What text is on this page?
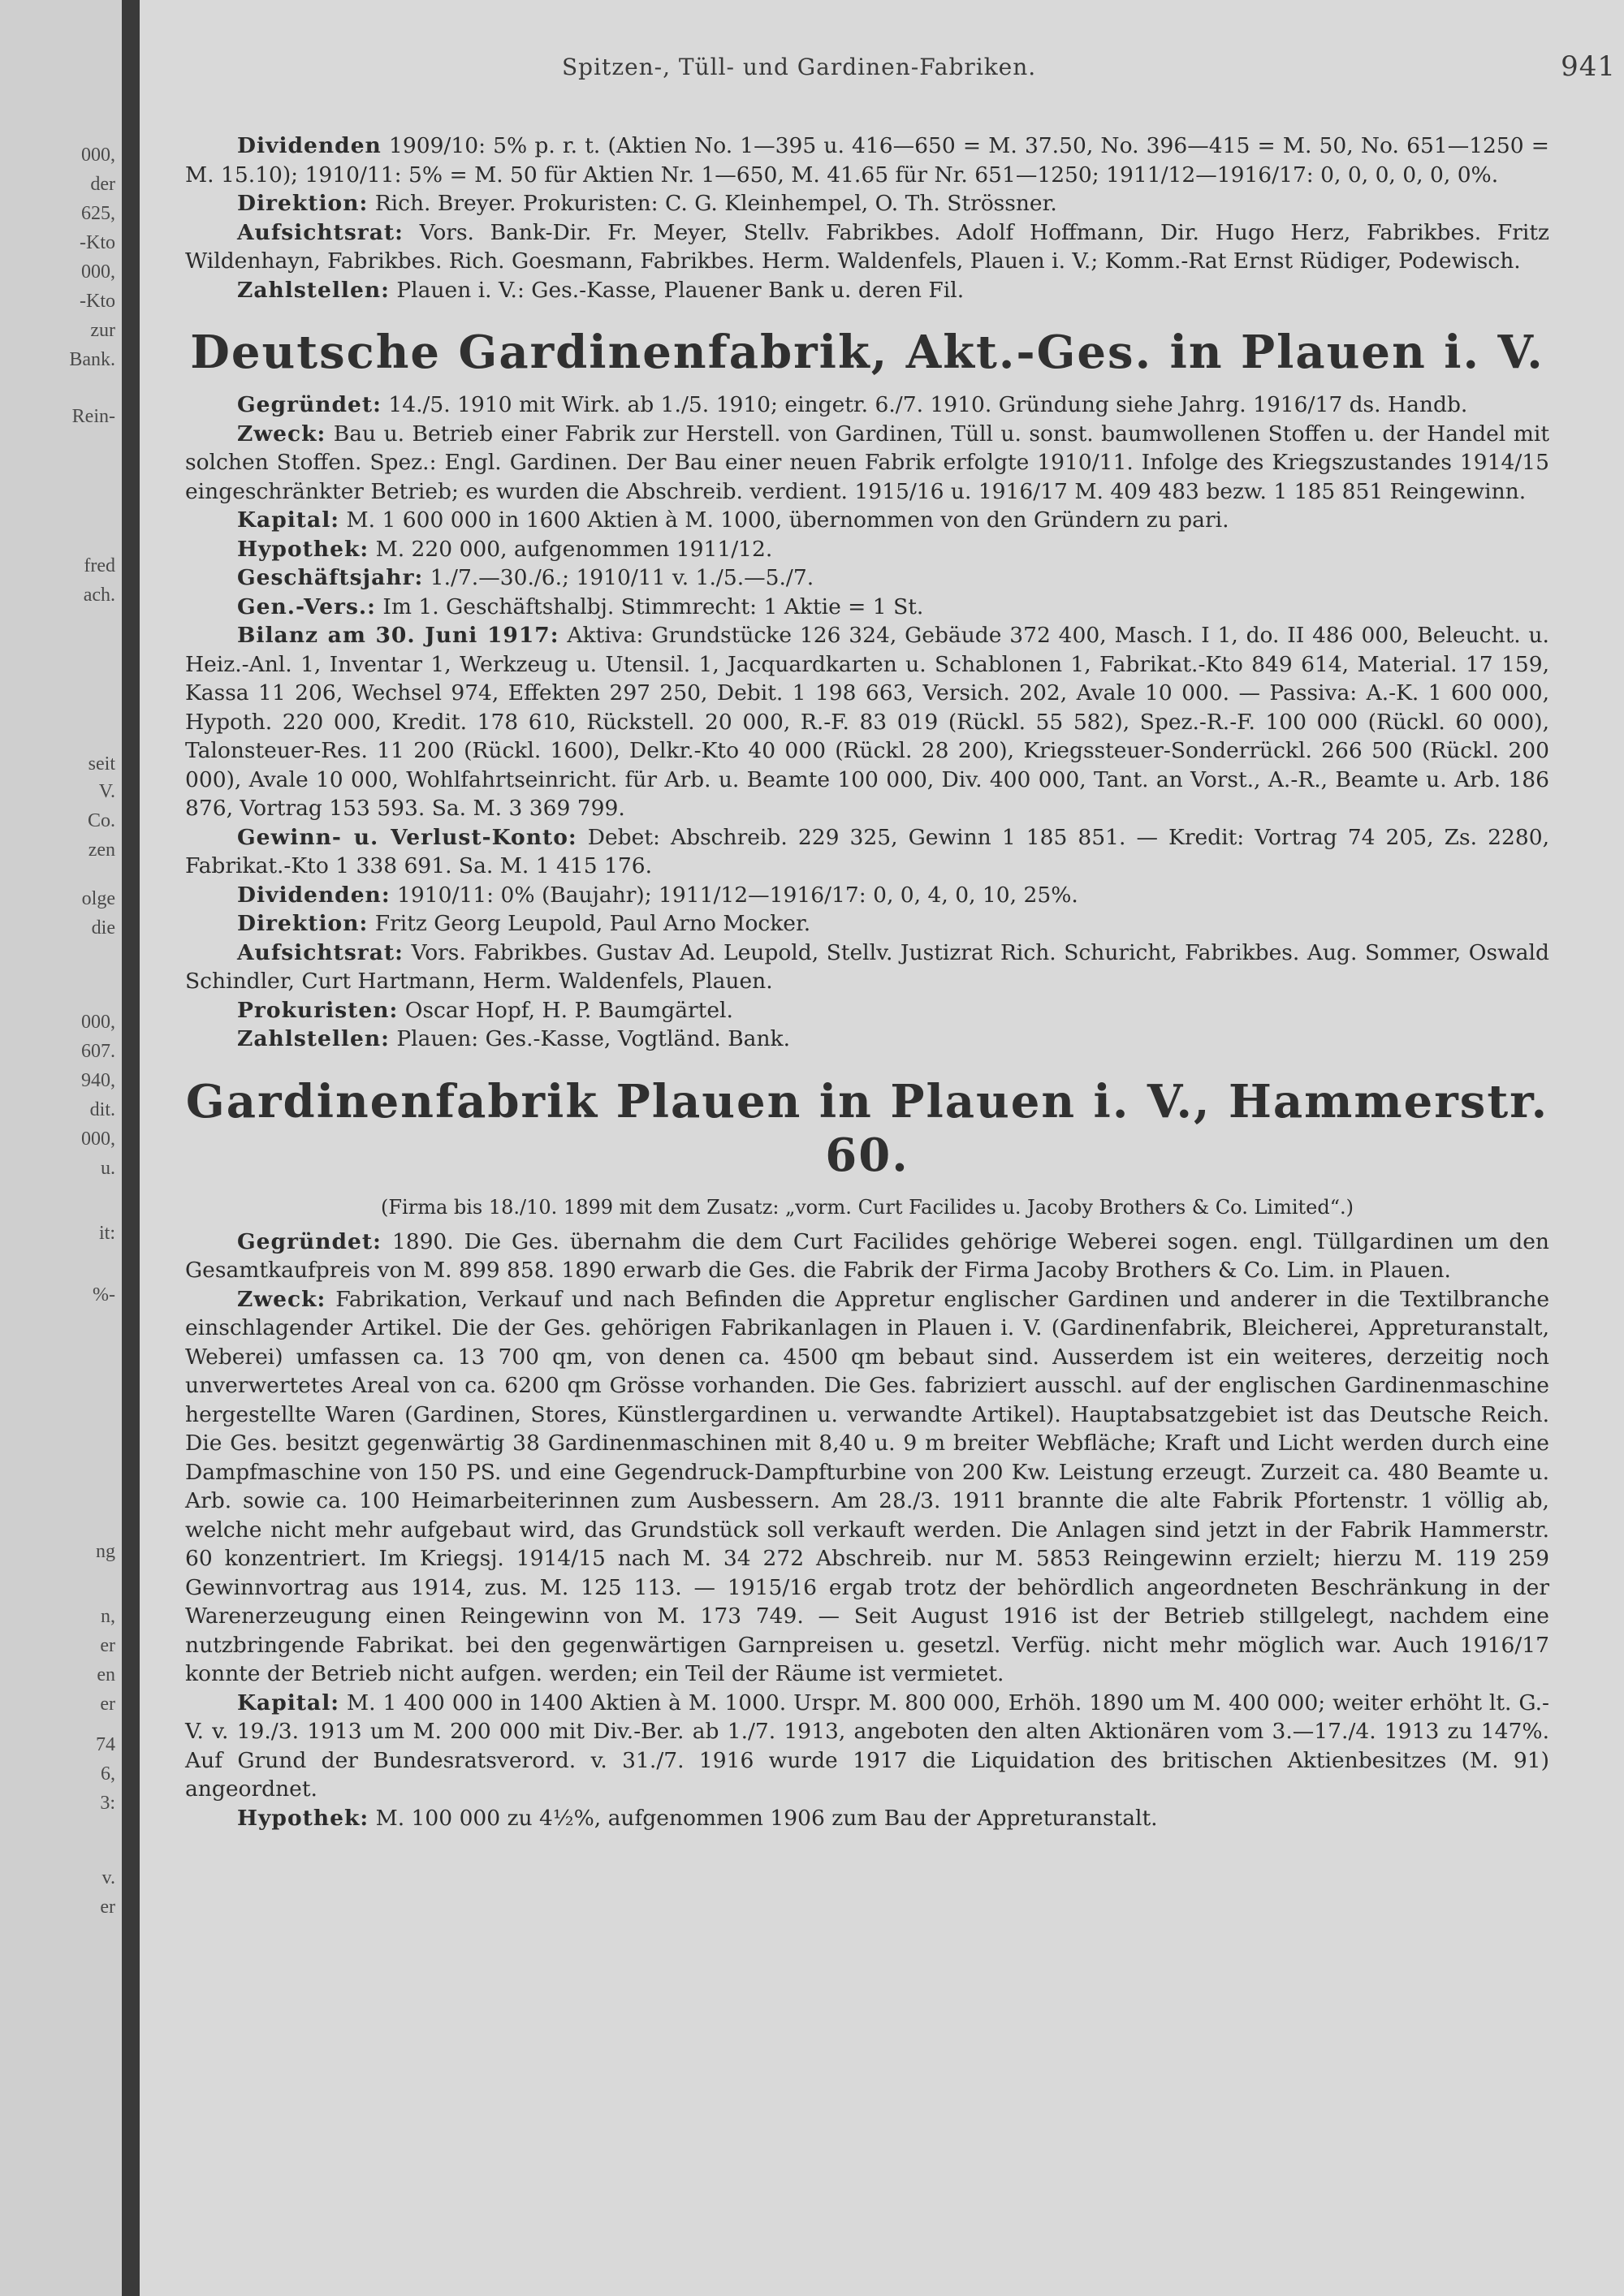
000,
der
625,
-Kto
000,
-Kto
zur
Bank.
Rein-
fred
ach.
seit
V.
Co.
zen
olge
die
000,
607.
940,
dit.
000,
u.
it:
%-
ng
n,
er
en
er
74
6,
3:
v.
er
Spitzen-, Tüll- und Gardinen-Fabriken.	941

Dividenden 1909/10: 5% p. r. t. (Aktien No. 1—395 u. 416—650 = M. 37.50, No. 396—415 = M. 50, No. 651—1250 = M. 15.10); 1910/11: 5% = M. 50 für Aktien Nr. 1—650, M. 41.65 für Nr. 651—1250; 1911/12—1916/17: 0, 0, 0, 0, 0, 0%.

Direktion: Rich. Breyer. Prokuristen: C. G. Kleinhempel, O. Th. Strössner.

Aufsichtsrat: Vors. Bank-Dir. Fr. Meyer, Stellv. Fabrikbes. Adolf Hoffmann, Dir. Hugo Herz, Fabrikbes. Fritz Wildenhayn, Fabrikbes. Rich. Goesmann, Fabrikbes. Herm. Waldenfels, Plauen i. V.; Komm.-Rat Ernst Rüdiger, Podewisch.

Zahlstellen: Plauen i. V.: Ges.-Kasse, Plauener Bank u. deren Fil.

Deutsche Gardinenfabrik, Akt.-Ges. in Plauen i. V.

Gegründet: 14./5. 1910 mit Wirk. ab 1./5. 1910; eingetr. 6./7. 1910. Gründung siehe Jahrg. 1916/17 ds. Handb.

Zweck: Bau u. Betrieb einer Fabrik zur Herstell. von Gardinen, Tüll u. sonst. baumwollenen Stoffen u. der Handel mit solchen Stoffen. Spez.: Engl. Gardinen. Der Bau einer neuen Fabrik erfolgte 1910/11. Infolge des Kriegszustandes 1914/15 eingeschränkter Betrieb; es wurden die Abschreib. verdient. 1915/16 u. 1916/17 M. 409 483 bezw. 1 185 851 Reingewinn.

Kapital: M. 1 600 000 in 1600 Aktien à M. 1000, übernommen von den Gründern zu pari.

Hypothek: M. 220 000, aufgenommen 1911/12.

Geschäftsjahr: 1./7.—30./6.; 1910/11 v. 1./5.—5./7.

Gen.-Vers.: Im 1. Geschäftshalbj. Stimmrecht: 1 Aktie = 1 St.

Bilanz am 30. Juni 1917: Aktiva: Grundstücke 126 324, Gebäude 372 400, Masch. I 1, do. II 486 000, Beleucht. u. Heiz.-Anl. 1, Inventar 1, Werkzeug u. Utensil. 1, Jacquardkarten u. Schablonen 1, Fabrikat.-Kto 849 614, Material. 17 159, Kassa 11 206, Wechsel 974, Effekten 297 250, Debit. 1 198 663, Versich. 202, Avale 10 000. — Passiva: A.-K. 1 600 000, Hypoth. 220 000, Kredit. 178 610, Rückstell. 20 000, R.-F. 83 019 (Rückl. 55 582), Spez.-R.-F. 100 000 (Rückl. 60 000), Talonsteuer-Res. 11 200 (Rückl. 1600), Delkr.-Kto 40 000 (Rückl. 28 200), Kriegssteuer-Sonderrückl. 266 500 (Rückl. 200 000), Avale 10 000, Wohlfahrtseinricht. für Arb. u. Beamte 100 000, Div. 400 000, Tant. an Vorst., A.-R., Beamte u. Arb. 186 876, Vortrag 153 593. Sa. M. 3 369 799.

Gewinn- u. Verlust-Konto: Debet: Abschreib. 229 325, Gewinn 1 185 851. — Kredit: Vortrag 74 205, Zs. 2280, Fabrikat.-Kto 1 338 691. Sa. M. 1 415 176.

Dividenden: 1910/11: 0% (Baujahr); 1911/12—1916/17: 0, 0, 4, 0, 10, 25%.

Direktion: Fritz Georg Leupold, Paul Arno Mocker.

Aufsichtsrat: Vors. Fabrikbes. Gustav Ad. Leupold, Stellv. Justizrat Rich. Schuricht, Fabrikbes. Aug. Sommer, Oswald Schindler, Curt Hartmann, Herm. Waldenfels, Plauen.

Prokuristen: Oscar Hopf, H. P. Baumgärtel.

Zahlstellen: Plauen: Ges.-Kasse, Vogtländ. Bank.

Gardinenfabrik Plauen in Plauen i. V., Hammerstr. 60.
(Firma bis 18./10. 1899 mit dem Zusatz: „vorm. Curt Facilides u. Jacoby Brothers & Co. Limited“.)

Gegründet: 1890. Die Ges. übernahm die dem Curt Facilides gehörige Weberei sogen. engl. Tüllgardinen um den Gesamtkaufpreis von M. 899 858. 1890 erwarb die Ges. die Fabrik der Firma Jacoby Brothers & Co. Lim. in Plauen.

Zweck: Fabrikation, Verkauf und nach Befinden die Appretur englischer Gardinen und anderer in die Textilbranche einschlagender Artikel. Die der Ges. gehörigen Fabrikanlagen in Plauen i. V. (Gardinenfabrik, Bleicherei, Appreturanstalt, Weberei) umfassen ca. 13 700 qm, von denen ca. 4500 qm bebaut sind. Ausserdem ist ein weiteres, derzeitig noch unverwertetes Areal von ca. 6200 qm Grösse vorhanden. Die Ges. fabriziert ausschl. auf der englischen Gardinenmaschine hergestellte Waren (Gardinen, Stores, Künstlergardinen u. verwandte Artikel). Hauptabsatzgebiet ist das Deutsche Reich. Die Ges. besitzt gegenwärtig 38 Gardinenmaschinen mit 8,40 u. 9 m breiter Webfläche; Kraft und Licht werden durch eine Dampfmaschine von 150 PS. und eine Gegendruck-Dampfturbine von 200 Kw. Leistung erzeugt. Zurzeit ca. 480 Beamte u. Arb. sowie ca. 100 Heimarbeiterinnen zum Ausbessern. Am 28./3. 1911 brannte die alte Fabrik Pfortenstr. 1 völlig ab, welche nicht mehr aufgebaut wird, das Grundstück soll verkauft werden. Die Anlagen sind jetzt in der Fabrik Hammerstr. 60 konzentriert. Im Kriegsj. 1914/15 nach M. 34 272 Abschreib. nur M. 5853 Reingewinn erzielt; hierzu M. 119 259 Gewinnvortrag aus 1914, zus. M. 125 113. — 1915/16 ergab trotz der behördlich angeordneten Beschränkung in der Warenerzeugung einen Reingewinn von M. 173 749. — Seit August 1916 ist der Betrieb stillgelegt, nachdem eine nutzbringende Fabrikat. bei den gegenwärtigen Garnpreisen u. gesetzl. Verfüg. nicht mehr möglich war. Auch 1916/17 konnte der Betrieb nicht aufgen. werden; ein Teil der Räume ist vermietet.

Kapital: M. 1 400 000 in 1400 Aktien à M. 1000. Urspr. M. 800 000, Erhöh. 1890 um M. 400 000; weiter erhöht lt. G.-V. v. 19./3. 1913 um M. 200 000 mit Div.-Ber. ab 1./7. 1913, angeboten den alten Aktionären vom 3.—17./4. 1913 zu 147%. Auf Grund der Bundesratsverord. v. 31./7. 1916 wurde 1917 die Liquidation des britischen Aktienbesitzes (M. 91) angeordnet.

Hypothek: M. 100 000 zu 4½%, aufgenommen 1906 zum Bau der Appreturanstalt.
